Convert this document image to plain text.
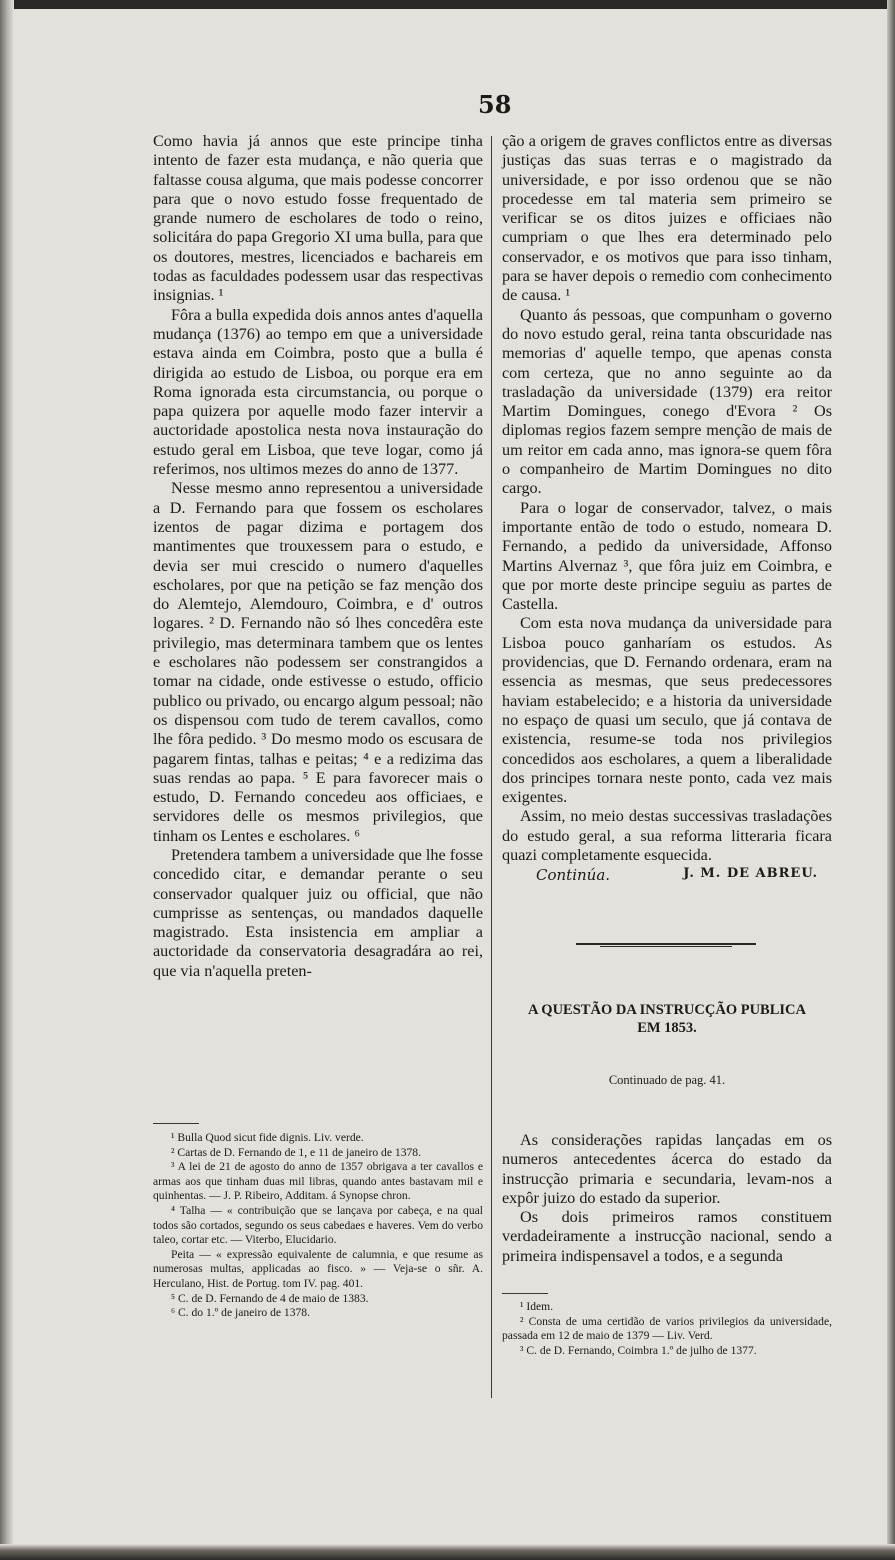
58

Como havia já annos que este principe tinha intento de fazer esta mudança, e não queria que faltasse cousa alguma, que mais podesse concorrer para que o novo estudo fosse frequentado de grande numero de escholares de todo o reino, solicitára do papa Gregorio XI uma bulla, para que os doutores, mestres, licenciados e bachareis em todas as faculdades podessem usar das respectivas insignias. ¹

Fôra a bulla expedida dois annos antes d'aquella mudança (1376) ao tempo em que a universidade estava ainda em Coimbra, posto que a bulla é dirigida ao estudo de Lisboa, ou porque era em Roma ignorada esta circumstancia, ou porque o papa quizera por aquelle modo fazer intervir a auctoridade apostolica nesta nova instauração do estudo geral em Lisboa, que teve logar, como já referimos, nos ultimos mezes do anno de 1377.

Nesse mesmo anno representou a universidade a D. Fernando para que fossem os escholares izentos de pagar dizima e portagem dos mantimentes que trouxessem para o estudo, e devia ser mui crescido o numero d'aquelles escholares, por que na petição se faz menção dos do Alemtejo, Alemdouro, Coimbra, e d' outros logares. ² D. Fernando não só lhes concedêra este privilegio, mas determinara tambem que os lentes e escholares não podessem ser constrangidos a tomar na cidade, onde estivesse o estudo, officio publico ou privado, ou encargo algum pessoal; não os dispensou com tudo de terem cavallos, como lhe fôra pedido. ³ Do mesmo modo os escusara de pagarem fintas, talhas e peitas; ⁴ e a redizima das suas rendas ao papa. ⁵ E para favorecer mais o estudo, D. Fernando concedeu aos officiaes, e servidores delle os mesmos privilegios, que tinham os Lentes e escholares. ⁶

Pretendera tambem a universidade que lhe fosse concedido citar, e demandar perante o seu conservador qualquer juiz ou official, que não cumprisse as sentenças, ou mandados daquelle magistrado. Esta insistencia em ampliar a auctoridade da conservatoria desagradára ao rei, que via n'aquella preten-

¹ Bulla Quod sicut fide dignis. Liv. verde.

² Cartas de D. Fernando de 1, e 11 de janeiro de 1378.

³ A lei de 21 de agosto do anno de 1357 obrigava a ter cavallos e armas aos que tinham duas mil libras, quando antes bastavam mil e quinhentas. — J. P. Ribeiro, Additam. á Synopse chron.

⁴ Talha — « contribuição que se lançava por cabeça, e na qual todos são cortados, segundo os seus cabedaes e haveres. Vem do verbo taleo, cortar etc. — Viterbo, Elucidario.

Peita — « expressão equivalente de calumnia, e que resume as numerosas multas, applicadas ao fisco. » — Veja-se o sñr. A. Herculano, Hist. de Portug. tom IV. pag. 401.

⁵ C. de D. Fernando de 4 de maio de 1383.

⁶ C. do 1.º de janeiro de 1378.

ção a origem de graves conflictos entre as diversas justiças das suas terras e o magistrado da universidade, e por isso ordenou que se não procedesse em tal materia sem primeiro se verificar se os ditos juizes e officiaes não cumpriam o que lhes era determinado pelo conservador, e os motivos que para isso tinham, para se haver depois o remedio com conhecimento de causa. ¹

Quanto ás pessoas, que compunham o governo do novo estudo geral, reina tanta obscuridade nas memorias d' aquelle tempo, que apenas consta com certeza, que no anno seguinte ao da trasladação da universidade (1379) era reitor Martim Domingues, conego d'Evora ² Os diplomas regios fazem sempre menção de mais de um reitor em cada anno, mas ignora-se quem fôra o companheiro de Martim Domingues no dito cargo.

Para o logar de conservador, talvez, o mais importante então de todo o estudo, nomeara D. Fernando, a pedido da universidade, Affonso Martins Alvernaz ³, que fôra juiz em Coimbra, e que por morte deste principe seguiu as partes de Castella.

Com esta nova mudança da universidade para Lisboa pouco ganharíam os estudos. As providencias, que D. Fernando ordenara, eram na essencia as mesmas, que seus predecessores haviam estabelecido; e a historia da universidade no espaço de quasi um seculo, que já contava de existencia, resume-se toda nos privilegios concedidos aos escholares, a quem a liberalidade dos principes tornara neste ponto, cada vez mais exigentes.

Assim, no meio destas successivas trasladações do estudo geral, a sua reforma litteraria ficara quazi completamente esquecida.

Continúa.	J. M. DE ABREU.
A QUESTÃO DA INSTRUCÇÃO PUBLICA
EM 1853.
Continuado de pag. 41.

As considerações rapidas lançadas em os numeros antecedentes ácerca do estado da instrucção primaria e secundaria, levam-nos a expôr juizo do estado da superior.

Os dois primeiros ramos constituem verdadeiramente a instrucção nacional, sendo a primeira indispensavel a todos, e a segunda

¹ Idem.

² Consta de uma certidão de varios privilegios da universidade, passada em 12 de maio de 1379 — Liv. Verd.

³ C. de D. Fernando, Coimbra 1.º de julho de 1377.
